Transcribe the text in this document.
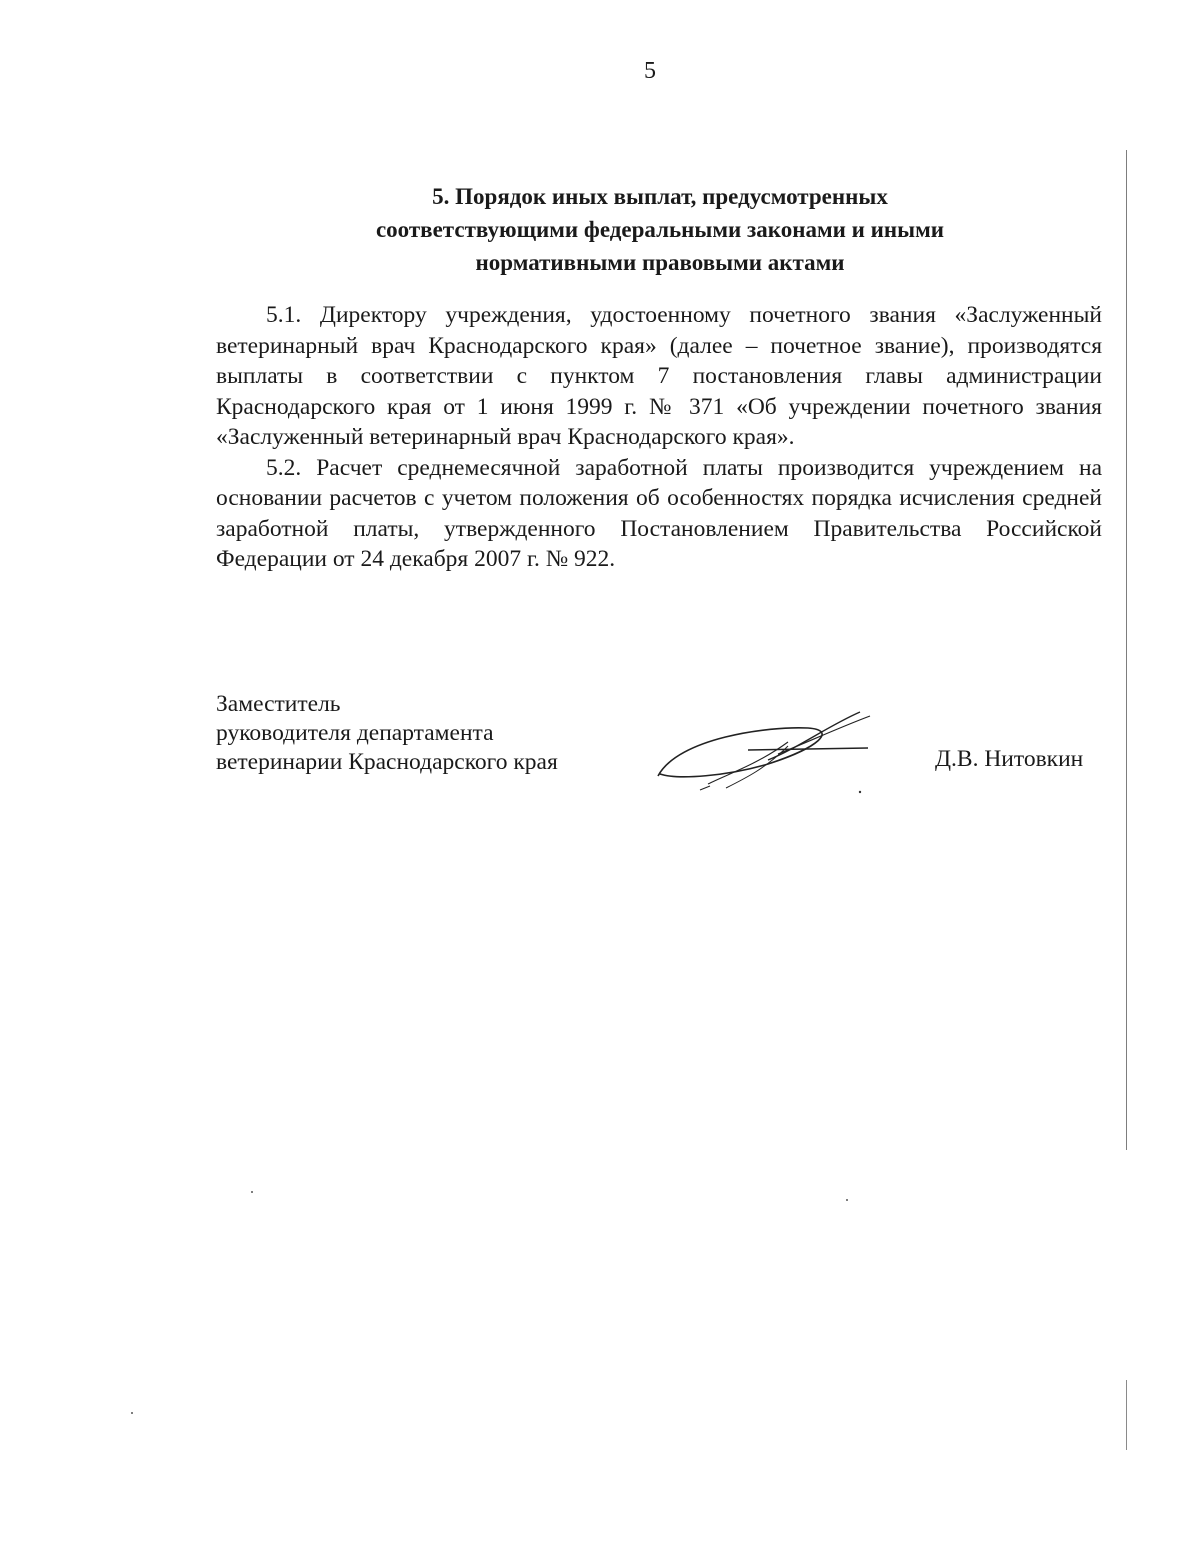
5
5. Порядок иных выплат, предусмотренных
соответствующими федеральными законами и иными
нормативными правовыми актами

5.1. Директору учреждения, удостоенному почетного звания «Заслуженный ветеринарный врач Краснодарского края» (далее – почетное звание), производятся выплаты в соответствии с пунктом 7 постановления главы администрации Краснодарского края от 1 июня 1999 г. № 371 «Об учреждении почетного звания «Заслуженный ветеринарный врач Краснодарского края».

5.2. Расчет среднемесячной заработной платы производится учреждением на основании расчетов с учетом положения об особенностях порядка исчисления средней заработной платы, утвержденного Постановлением Правительства Российской Федерации от 24 декабря 2007 г. № 922.

Заместитель
руководителя департамента
ветеринарии Краснодарского края	Д.В. Нитовкин
